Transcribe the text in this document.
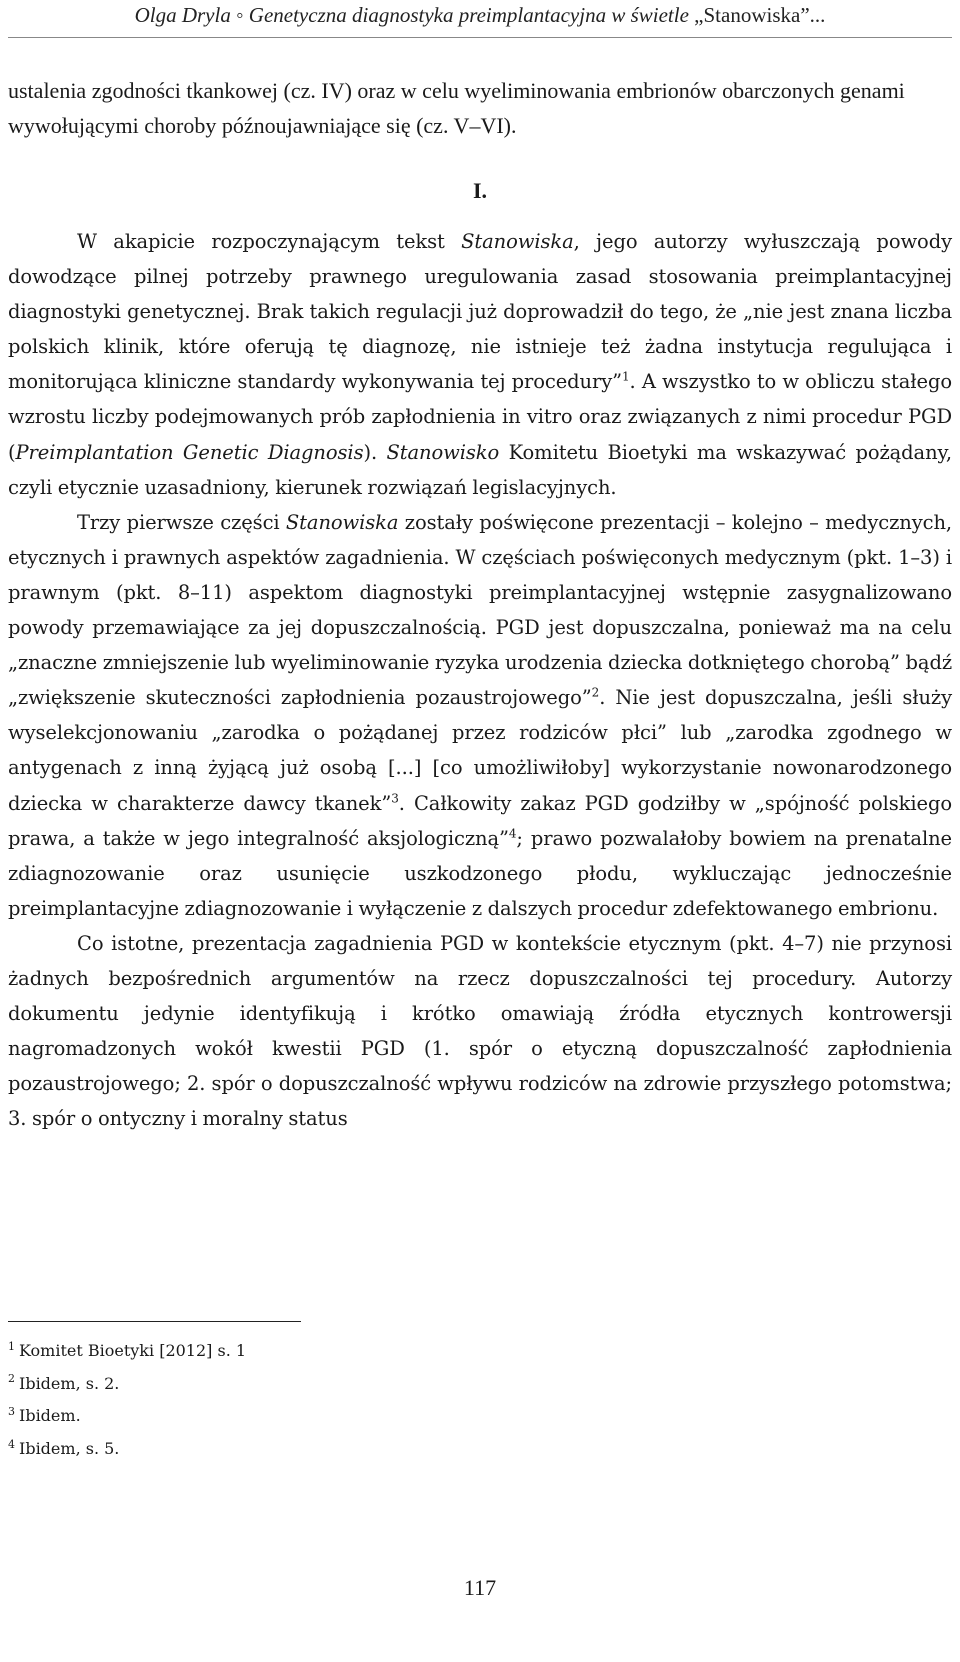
Olga Dryla ◦ Genetyczna diagnostyka preimplantacyjna w świetle „Stanowiska”...

ustalenia zgodności tkankowej (cz. IV) oraz w celu wyeliminowania embrionów obarczonych genami wywołującymi choroby późnoujawniające się (cz. V–VI).

I.

W akapicie rozpoczynającym tekst Stanowiska, jego autorzy wyłuszczają powody dowodzące pilnej potrzeby prawnego uregulowania zasad stosowania preimplantacyjnej diagnostyki genetycznej. Brak takich regulacji już doprowadził do tego, że „nie jest znana liczba polskich klinik, które oferują tę diagnozę, nie istnieje też żadna instytucja regulująca i monitorująca kliniczne standardy wykonywania tej procedury”$^1$. A wszystko to w obliczu stałego wzrostu liczby podejmowanych prób zapłodnienia in vitro oraz związanych z nimi procedur PGD (Preimplantation Genetic Diagnosis). Stanowisko Komitetu Bioetyki ma wskazywać pożądany, czyli etycznie uzasadniony, kierunek rozwiązań legislacyjnych.

Trzy pierwsze części Stanowiska zostały poświęcone prezentacji – kolejno – medycznych, etycznych i prawnych aspektów zagadnienia. W częściach poświęconych medycznym (pkt. 1–3) i prawnym (pkt. 8–11) aspektom diagnostyki preimplantacyjnej wstępnie zasygnalizowano powody przemawiające za jej dopuszczalnością. PGD jest dopuszczalna, ponieważ ma na celu „znaczne zmniejszenie lub wyeliminowanie ryzyka urodzenia dziecka dotkniętego chorobą” bądź „zwiększenie skuteczności zapłodnienia pozaustrojowego”$^2$. Nie jest dopuszczalna, jeśli służy wyselekcjonowaniu „zarodka o pożądanej przez rodziców płci” lub „zarodka zgodnego w antygenach z inną żyjącą już osobą [...] [co umożliwiłoby] wykorzystanie nowonarodzonego dziecka w charakterze dawcy tkanek”$^3$. Całkowity zakaz PGD godziłby w „spójność polskiego prawa, a także w jego integralność aksjologiczną”$^4$; prawo pozwalałoby bowiem na prenatalne zdiagnozowanie oraz usunięcie uszkodzonego płodu, wykluczając jednocześnie preimplantacyjne zdiagnozowanie i wyłączenie z dalszych procedur zdefektowanego embrionu.

Co istotne, prezentacja zagadnienia PGD w kontekście etycznym (pkt. 4–7) nie przynosi żadnych bezpośrednich argumentów na rzecz dopuszczalności tej procedury. Autorzy dokumentu jedynie identyfikują i krótko omawiają źródła etycznych kontrowersji nagromadzonych wokół kwestii PGD (1. spór o etyczną dopuszczalność zapłodnienia pozaustrojowego; 2. spór o dopuszczalność wpływu rodziców na zdrowie przyszłego potomstwa; 3. spór o ontyczny i moralny status

$^1$ Komitet Bioetyki [2012] s. 1
$^2$ Ibidem, s. 2.
$^3$ Ibidem.
$^4$ Ibidem, s. 5.
117
